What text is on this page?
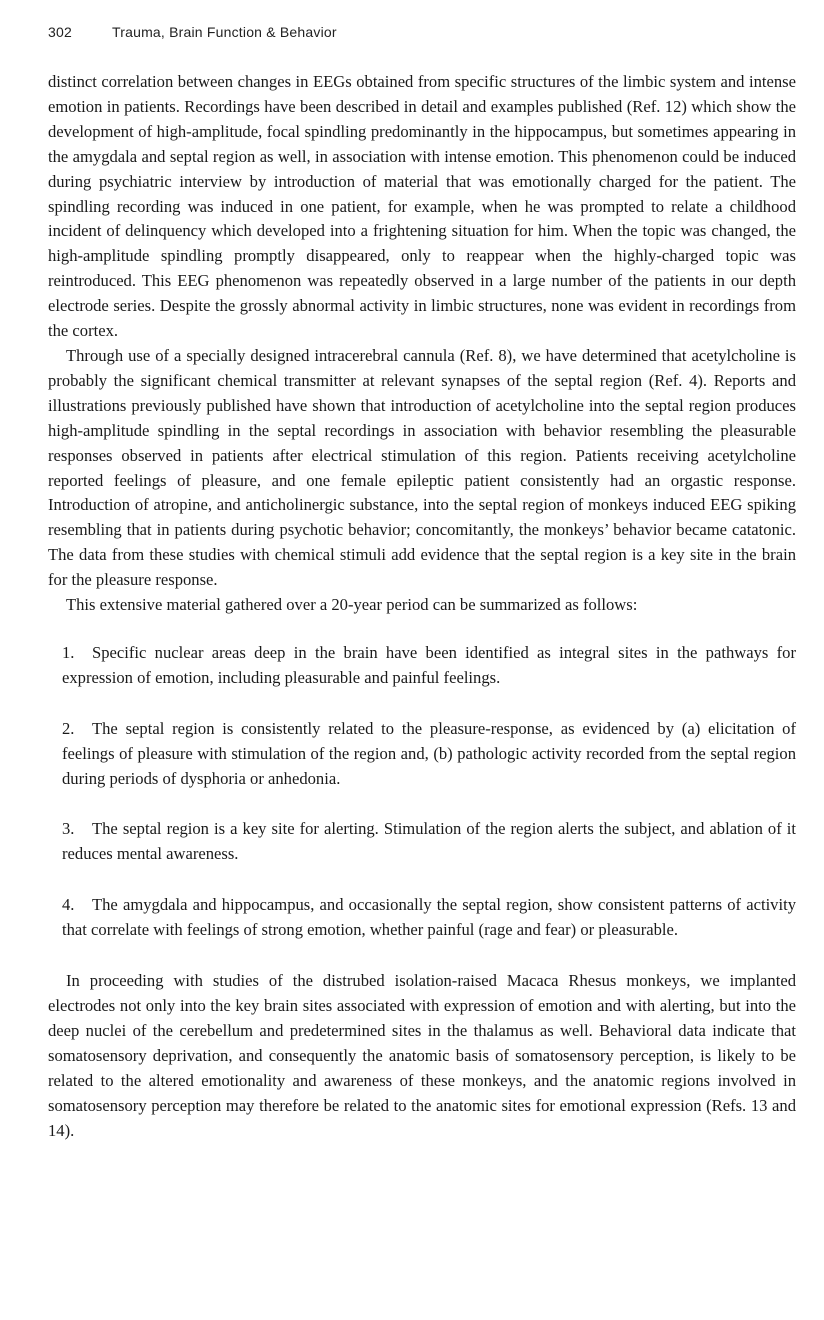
302	Trauma, Brain Function & Behavior

distinct correlation between changes in EEGs obtained from specific structures of the limbic system and intense emotion in patients. Recordings have been described in detail and examples published (Ref. 12) which show the development of high-amplitude, focal spindling predominantly in the hippocampus, but sometimes appearing in the amygdala and septal region as well, in association with intense emotion. This phenomenon could be induced during psychiatric interview by introduction of material that was emotionally charged for the patient. The spindling recording was induced in one patient, for example, when he was prompted to relate a childhood incident of delinquency which developed into a frightening situation for him. When the topic was changed, the high-amplitude spindling promptly disappeared, only to reappear when the highly-charged topic was reintroduced. This EEG phenomenon was repeatedly observed in a large number of the patients in our depth electrode series. Despite the grossly abnormal activity in limbic structures, none was evident in recordings from the cortex.

Through use of a specially designed intracerebral cannula (Ref. 8), we have determined that acetylcholine is probably the significant chemical transmitter at relevant synapses of the septal region (Ref. 4). Reports and illustrations previously published have shown that introduction of acetylcholine into the septal region produces high-amplitude spindling in the septal recordings in association with behavior resembling the pleasurable responses observed in patients after electrical stimulation of this region. Patients receiving acetylcholine reported feelings of pleasure, and one female epileptic patient consistently had an orgastic response. Introduction of atropine, and anticholinergic substance, into the septal region of monkeys induced EEG spiking resembling that in patients during psychotic behavior; concomitantly, the monkeys’ behavior became catatonic. The data from these studies with chemical stimuli add evidence that the septal region is a key site in the brain for the pleasure response.

This extensive material gathered over a 20-year period can be summarized as follows:

1. Specific nuclear areas deep in the brain have been identified as integral sites in the pathways for expression of emotion, including pleasurable and painful feelings.
2. The septal region is consistently related to the pleasure-response, as evidenced by (a) elicitation of feelings of pleasure with stimulation of the region and, (b) pathologic activity recorded from the septal region during periods of dysphoria or anhedonia.
3. The septal region is a key site for alerting. Stimulation of the region alerts the subject, and ablation of it reduces mental awareness.
4. The amygdala and hippocampus, and occasionally the septal region, show consistent patterns of activity that correlate with feelings of strong emotion, whether painful (rage and fear) or pleasurable.

In proceeding with studies of the distrubed isolation-raised Macaca Rhesus monkeys, we implanted electrodes not only into the key brain sites associated with expression of emotion and with alerting, but into the deep nuclei of the cerebellum and predetermined sites in the thalamus as well. Behavioral data indicate that somatosensory deprivation, and consequently the anatomic basis of somatosensory perception, is likely to be related to the altered emotionality and awareness of these monkeys, and the anatomic regions involved in somatosensory perception may therefore be related to the anatomic sites for emotional expression (Refs. 13 and 14).
